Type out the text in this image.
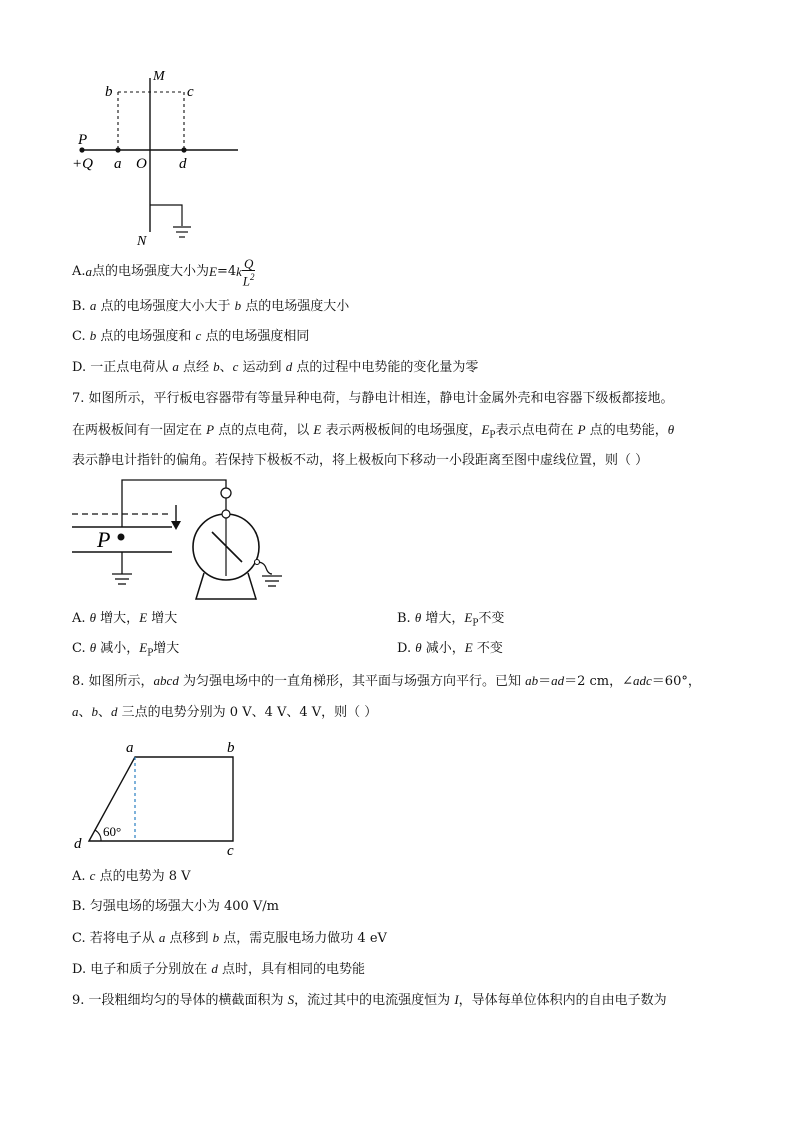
M
b	c
P
+Q a O d
N
A. a 点的电场强度大小为 E =4 k $\frac{Q}{L^2}$
B. a 点的电场强度大小大于 b 点的电场强度大小
C. b 点的电场强度和 c 点的电场强度相同
D. 一正点电荷从 a 点经 b、c 运动到 d 点的过程中电势能的变化量为零
7. 如图所示，平行板电容器带有等量异种电荷，与静电计相连，静电计金属外壳和电容器下级板都接地。
在两极板间有一固定在 P 点的点电荷，以 E 表示两极板间的电场强度，$E_P$表示点电荷在 P 点的电势能，θ
表示静电计指针的偏角。若保持下极板不动，将上极板向下移动一小段距离至图中虚线位置，则（ ）
P
A. θ 增大，E 增大	B. θ 增大，$E_P$不变
C. θ 减小，$E_P$增大	D. θ 减小，E 不变
8. 如图所示，abcd 为匀强电场中的一直角梯形，其平面与场强方向平行。已知 ab＝ad＝2 cm，∠adc＝60°，
a、b、d 三点的电势分别为 0 V、4 V、4 V，则（ ）
a	b
c
d
60°
A. c 点的电势为 8 V
B. 匀强电场的场强大小为 400 V/m
C. 若将电子从 a 点移到 b 点，需克服电场力做功 4 eV
D. 电子和质子分别放在 d 点时，具有相同的电势能
9. 一段粗细均匀的导体的横截面积为 S，流过其中的电流强度恒为 I，导体每单位体积内的自由电子数为
